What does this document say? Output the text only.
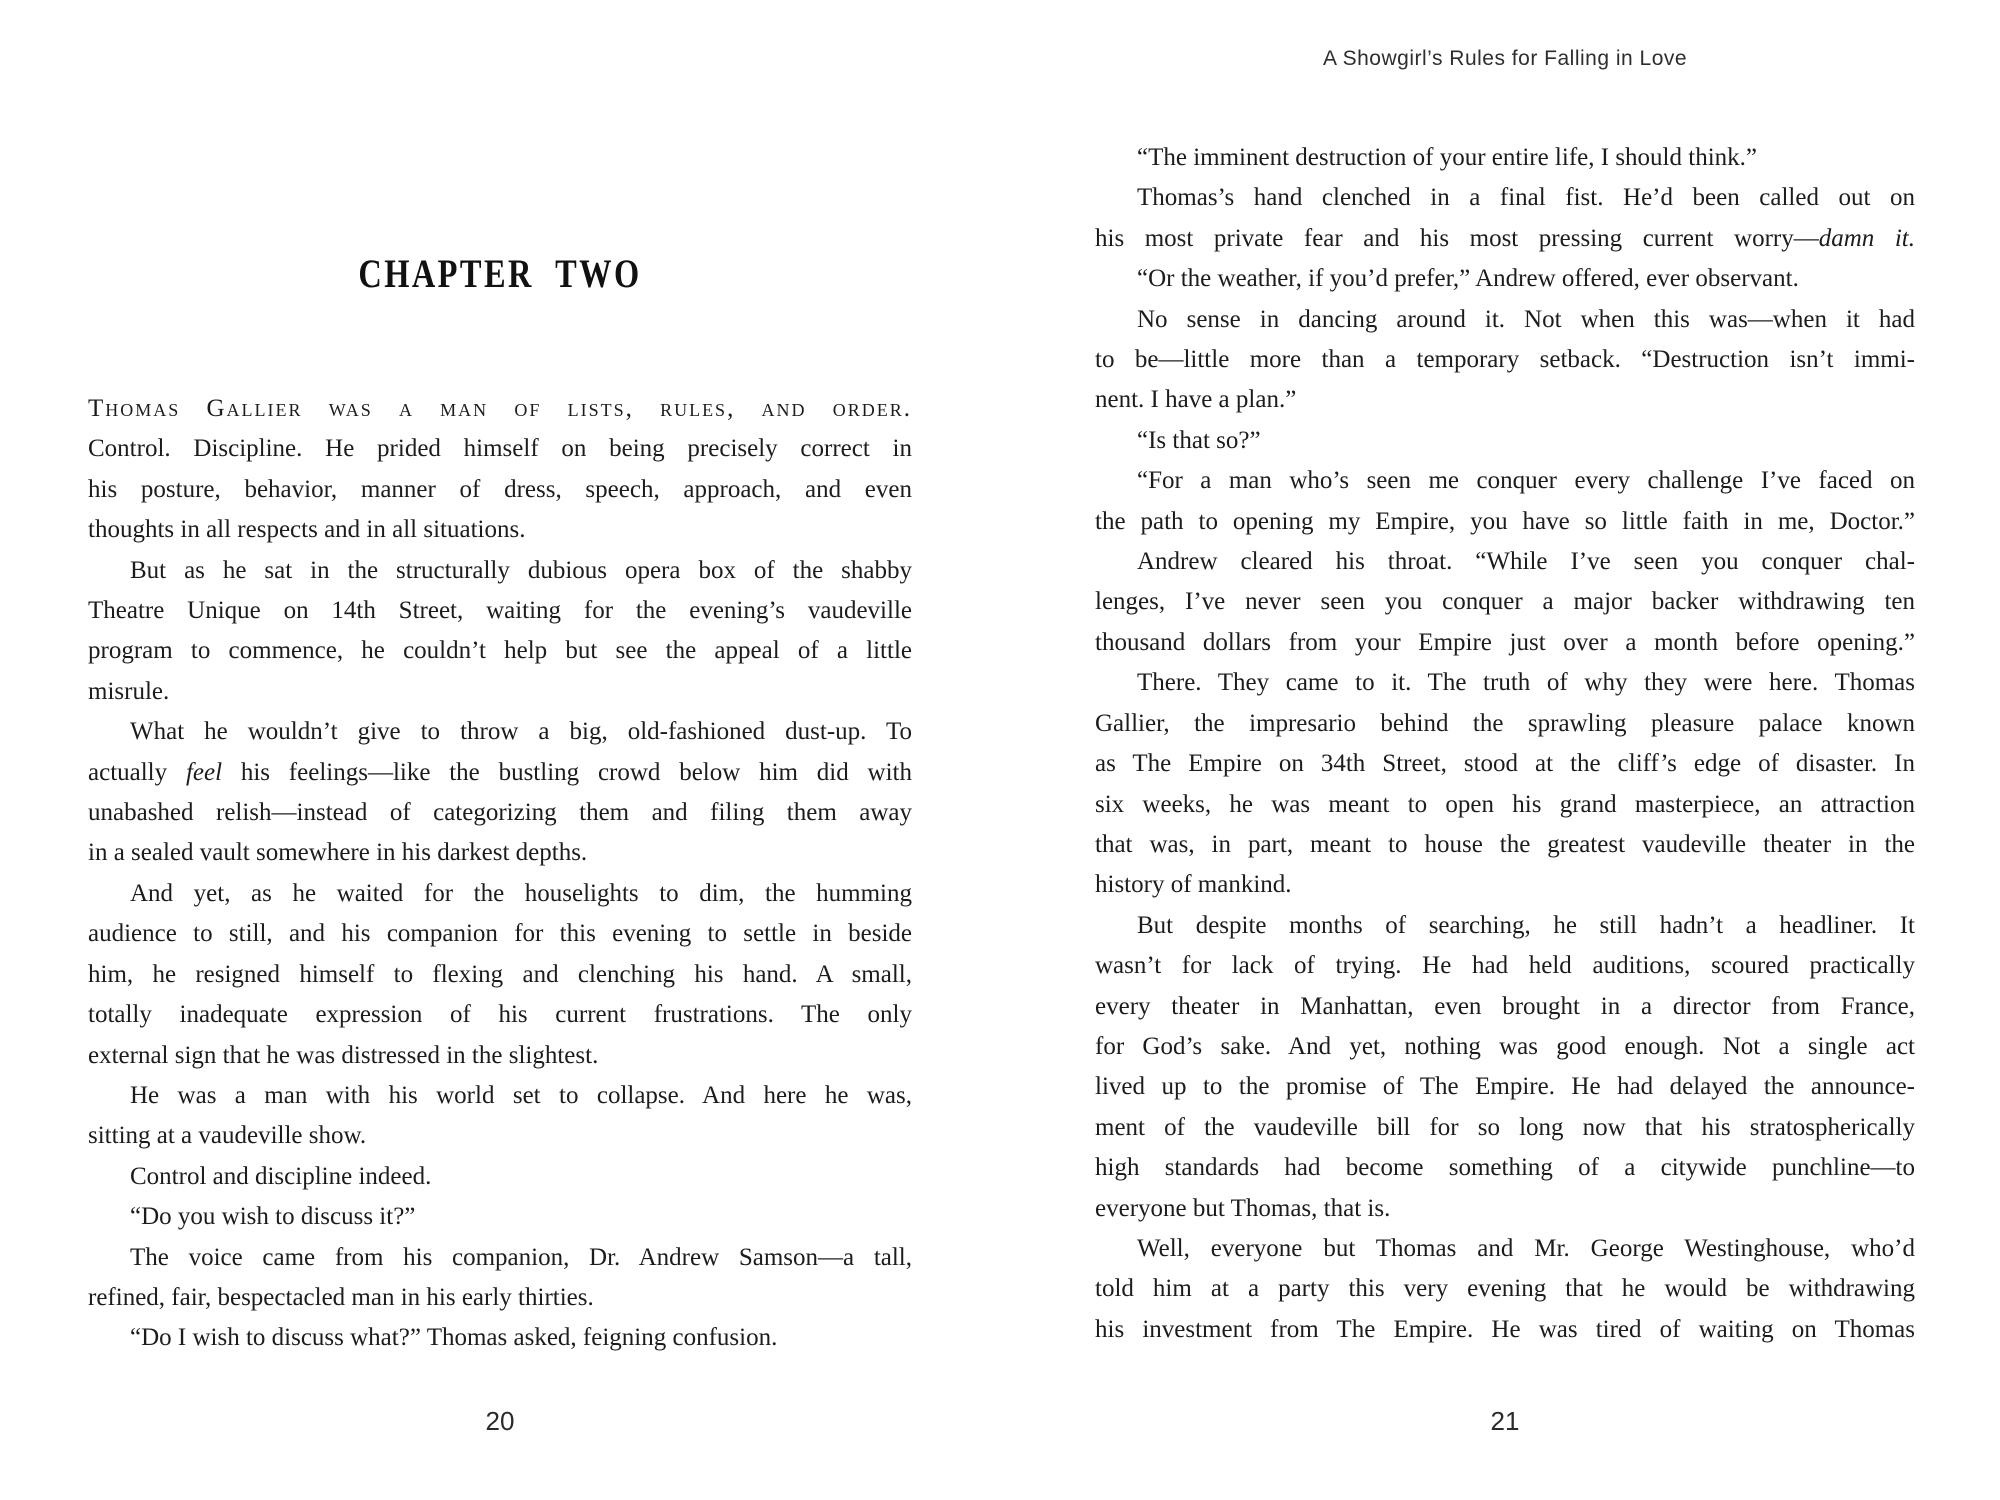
CHAPTER TWO
Thomas Gallier was a man of lists, rules, and order.
Control. Discipline. He prided himself on being precisely correct in
his posture, behavior, manner of dress, speech, approach, and even
thoughts in all respects and in all situations.
But as he sat in the structurally dubious opera box of the shabby
Theatre Unique on 14th Street, waiting for the evening’s vaudeville
program to commence, he couldn’t help but see the appeal of a little
misrule.
What he wouldn’t give to throw a big, old-fashioned dust-up. To
actually feel his feelings—like the bustling crowd below him did with
unabashed relish—instead of categorizing them and filing them away
in a sealed vault somewhere in his darkest depths.
And yet, as he waited for the houselights to dim, the humming
audience to still, and his companion for this evening to settle in beside
him, he resigned himself to flexing and clenching his hand. A small,
totally inadequate expression of his current frustrations. The only
external sign that he was distressed in the slightest.
He was a man with his world set to collapse. And here he was,
sitting at a vaudeville show.
Control and discipline indeed.
“Do you wish to discuss it?”
The voice came from his companion, Dr. Andrew Samson—a tall,
refined, fair, bespectacled man in his early thirties.
“Do I wish to discuss what?” Thomas asked, feigning confusion.
20
A Showgirl’s Rules for Falling in Love
“The imminent destruction of your entire life, I should think.”
Thomas’s hand clenched in a final fist. He’d been called out on
his most private fear and his most pressing current worry—damn it.
“Or the weather, if you’d prefer,” Andrew offered, ever observant.
No sense in dancing around it. Not when this was—when it had
to be—little more than a temporary setback. “Destruction isn’t immi-
nent. I have a plan.”
“Is that so?”
“For a man who’s seen me conquer every challenge I’ve faced on
the path to opening my Empire, you have so little faith in me, Doctor.”
Andrew cleared his throat. “While I’ve seen you conquer chal-
lenges, I’ve never seen you conquer a major backer withdrawing ten
thousand dollars from your Empire just over a month before opening.”
There. They came to it. The truth of why they were here. Thomas
Gallier, the impresario behind the sprawling pleasure palace known
as The Empire on 34th Street, stood at the cliff’s edge of disaster. In
six weeks, he was meant to open his grand masterpiece, an attraction
that was, in part, meant to house the greatest vaudeville theater in the
history of mankind.
But despite months of searching, he still hadn’t a headliner. It
wasn’t for lack of trying. He had held auditions, scoured practically
every theater in Manhattan, even brought in a director from France,
for God’s sake. And yet, nothing was good enough. Not a single act
lived up to the promise of The Empire. He had delayed the announce-
ment of the vaudeville bill for so long now that his stratospherically
high standards had become something of a citywide punchline—to
everyone but Thomas, that is.
Well, everyone but Thomas and Mr. George Westinghouse, who’d
told him at a party this very evening that he would be withdrawing
his investment from The Empire. He was tired of waiting on Thomas
21
